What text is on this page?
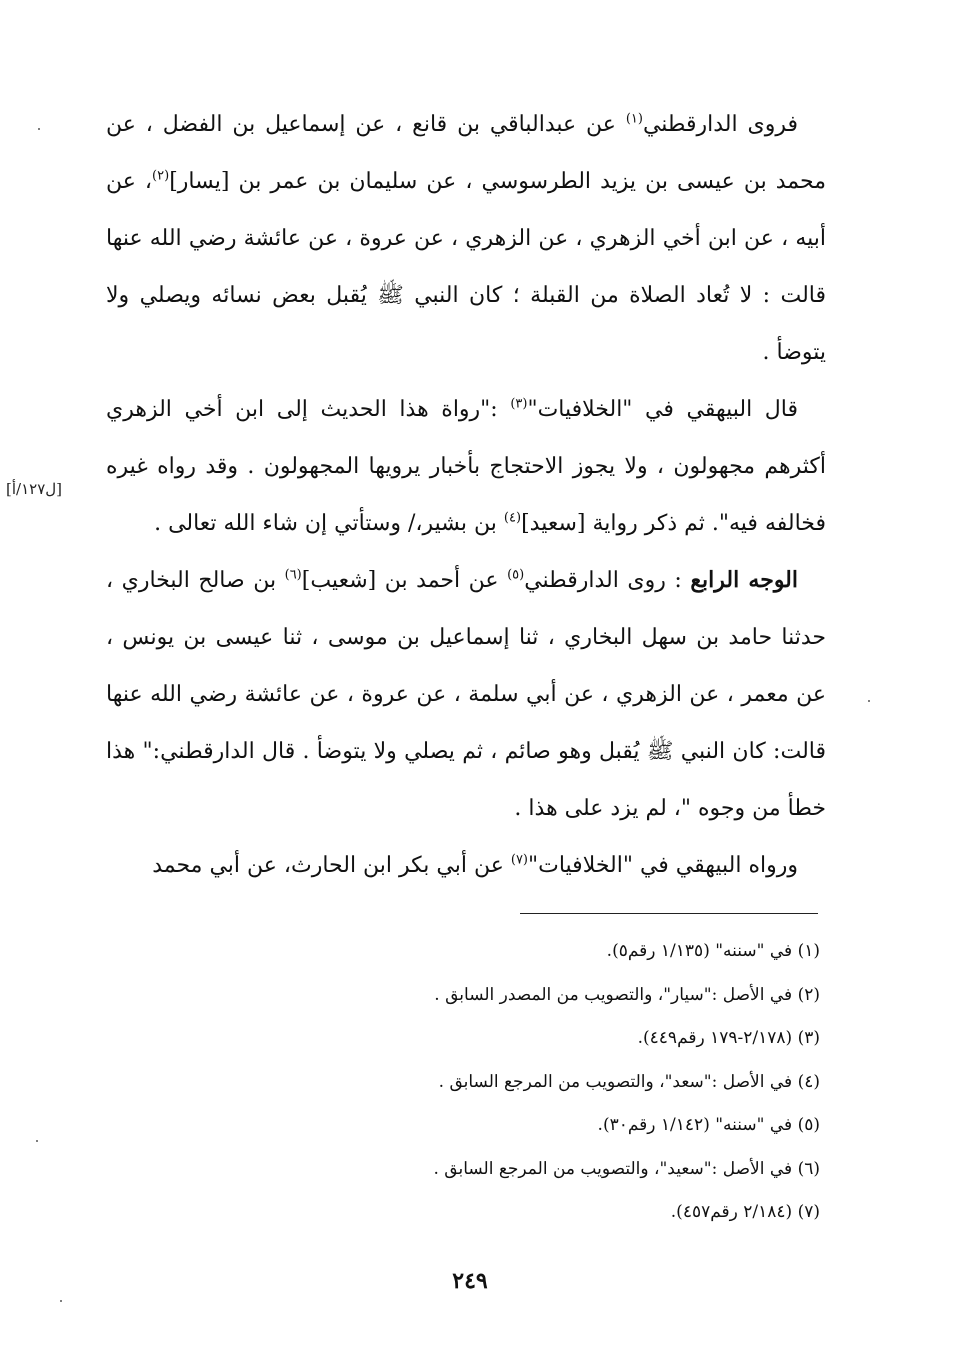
فروى الدارقطني$^{(١)}$ عن عبدالباقي بن قانع ، عن إسماعيل بن الفضل ، عن محمد بن عيسى بن يزيد الطرسوسي ، عن سليمان بن عمر بن [يسار]$^{(٢)}$، عن أبيه ، عن ابن أخي الزهري ، عن الزهري ، عن عروة ، عن عائشة رضي الله عنها قالت : لا تُعاد الصلاة من القبلة ؛ كان النبي ﷺ يُقبل بعض نسائه ويصلي ولا يتوضأ .

قال البيهقي في "الخلافيات"$^{(٣)}$ :"رواة هذا الحديث إلى ابن أخي الزهري أكثرهم مجهولون ، ولا يجوز الاحتجاج بأخبار يرويها المجهولون . وقد رواه غيره فخالفه فيه". ثم ذكر رواية [سعيد]$^{(٤)}$ بن بشير،/ وستأتي إن شاء الله تعالى .

الوجه الرابع : روى الدارقطني$^{(٥)}$ عن أحمد بن [شعيب]$^{(٦)}$ بن صالح البخاري ، حدثنا حامد بن سهل البخاري ، ثنا إسماعيل بن موسى ، ثنا عيسى بن يونس ، عن معمر ، عن الزهري ، عن أبي سلمة ، عن عروة ، عن عائشة رضي الله عنها قالت: كان النبي ﷺ يُقبل وهو صائم ، ثم يصلي ولا يتوضأ . قال الدارقطني:" هذا خطأ من وجوه "، لم يزد على هذا .

ورواه البيهقي في "الخلافيات"$^{(٧)}$ عن أبي بكر ابن الحارث، عن أبي محمد

[ل١٢٧/أ]

(١) في "سننه" (١/١٣٥ رقم٥).

(٢) في الأصل :"سيار"، والتصويب من المصدر السابق .

(٣) (٢/١٧٨-١٧٩ رقم٤٤٩).

(٤) في الأصل :"سعد"، والتصويب من المرجع السابق .

(٥) في "سننه" (١/١٤٢ رقم٣٠).

(٦) في الأصل :"سعيد"، والتصويب من المرجع السابق .

(٧) (٢/١٨٤ رقم٤٥٧).

٢٤٩
